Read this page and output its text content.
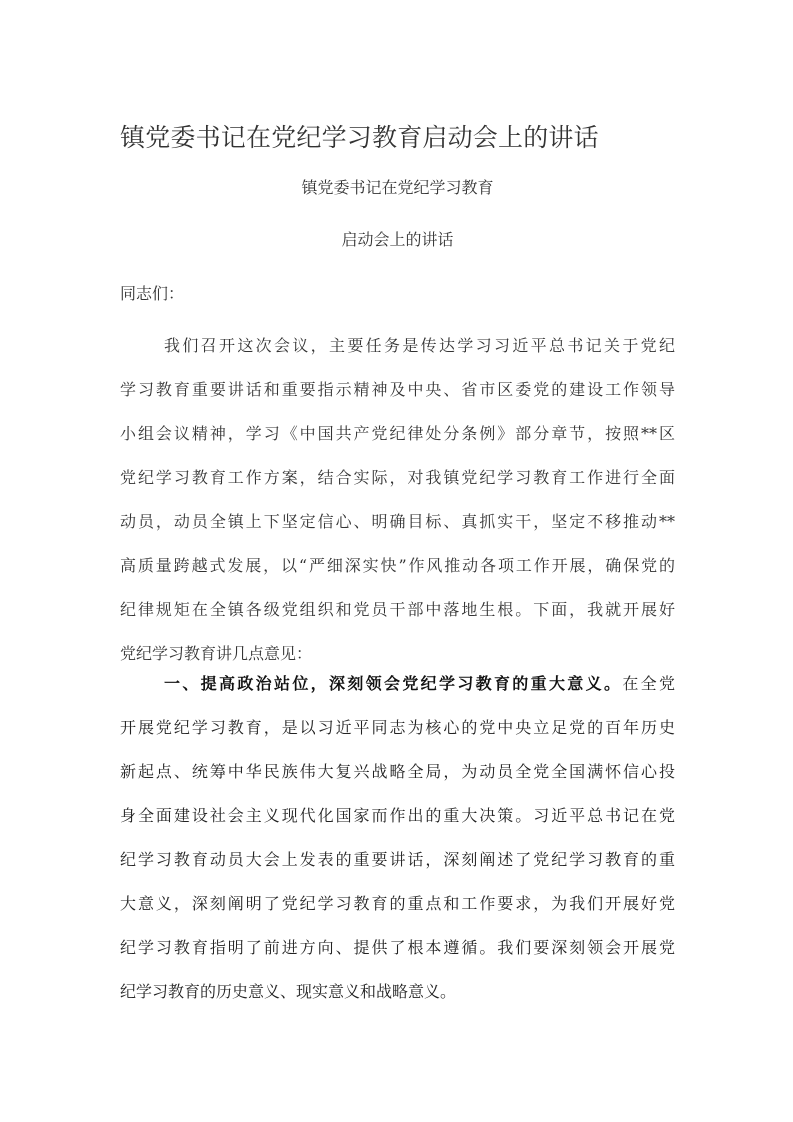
镇党委书记在党纪学习教育启动会上的讲话
镇党委书记在党纪学习教育
启动会上的讲话
同志们：
我们召开这次会议，主要任务是传达学习习近平总书记关于党纪
学习教育重要讲话和重要指示精神及中央、省市区委党的建设工作领导
小组会议精神，学习《中国共产党纪律处分条例》部分章节，按照**区
党纪学习教育工作方案，结合实际，对我镇党纪学习教育工作进行全面
动员，动员全镇上下坚定信心、明确目标、真抓实干，坚定不移推动**
高质量跨越式发展，以“严细深实快”作风推动各项工作开展，确保党的
纪律规矩在全镇各级党组织和党员干部中落地生根。下面，我就开展好
党纪学习教育讲几点意见：
一、提高政治站位，深刻领会党纪学习教育的重大意义。在全党
开展党纪学习教育，是以习近平同志为核心的党中央立足党的百年历史
新起点、统筹中华民族伟大复兴战略全局，为动员全党全国满怀信心投
身全面建设社会主义现代化国家而作出的重大决策。习近平总书记在党
纪学习教育动员大会上发表的重要讲话，深刻阐述了党纪学习教育的重
大意义，深刻阐明了党纪学习教育的重点和工作要求，为我们开展好党
纪学习教育指明了前进方向、提供了根本遵循。我们要深刻领会开展党
纪学习教育的历史意义、现实意义和战略意义。
